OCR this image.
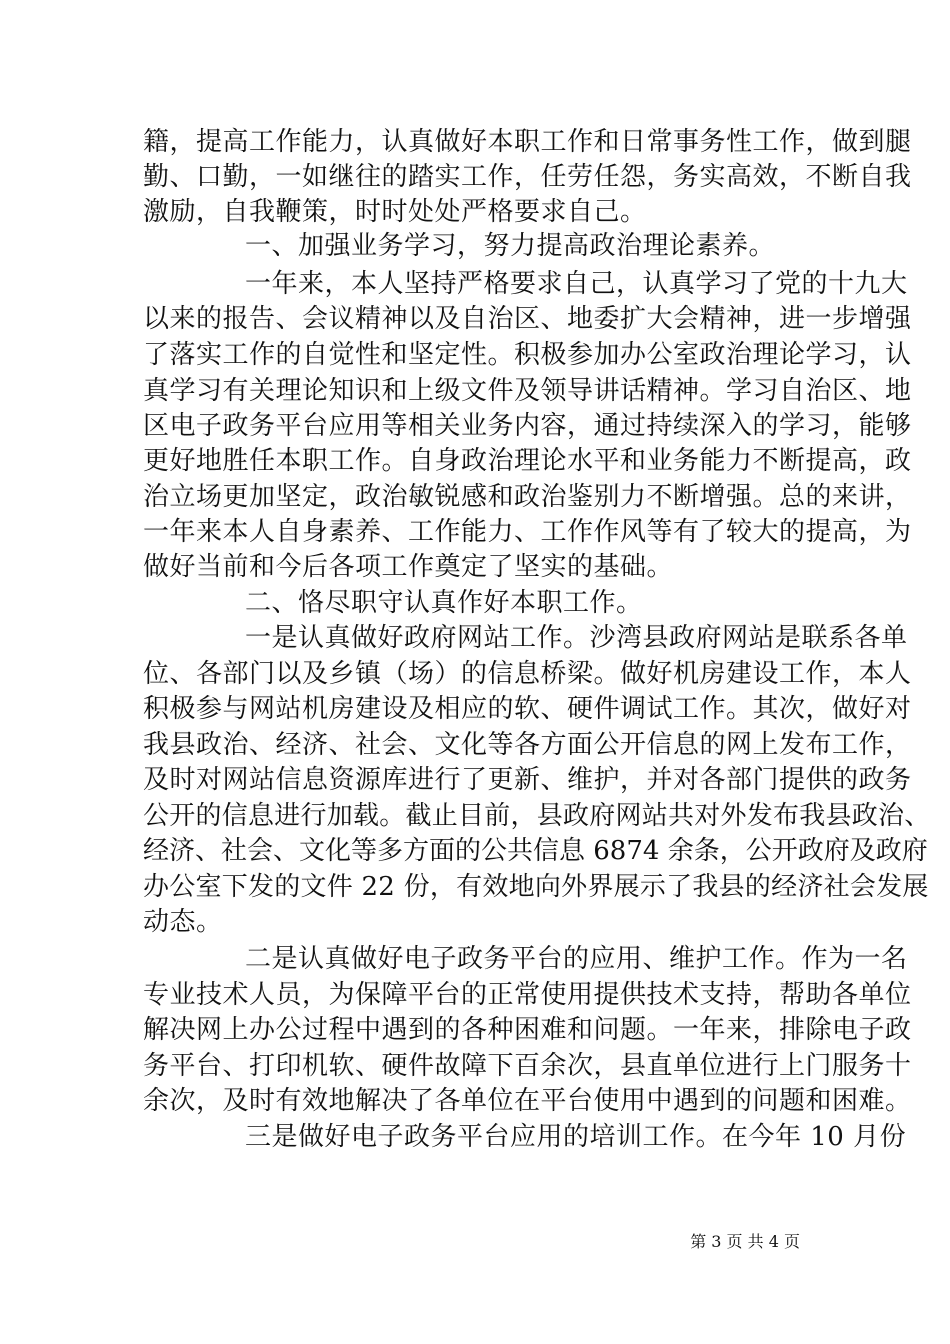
籍，提高工作能力，认真做好本职工作和日常事务性工作，做到腿
勤、口勤，一如继往的踏实工作，任劳任怨，务实高效，不断自我
激励，自我鞭策，时时处处严格要求自己。
一、加强业务学习，努力提高政治理论素养。
一年来，本人坚持严格要求自己，认真学习了党的十九大
以来的报告、会议精神以及自治区、地委扩大会精神，进一步增强
了落实工作的自觉性和坚定性。积极参加办公室政治理论学习，认
真学习有关理论知识和上级文件及领导讲话精神。学习自治区、地
区电子政务平台应用等相关业务内容，通过持续深入的学习，能够
更好地胜任本职工作。自身政治理论水平和业务能力不断提高，政
治立场更加坚定，政治敏锐感和政治鉴别力不断增强。总的来讲，
一年来本人自身素养、工作能力、工作作风等有了较大的提高，为
做好当前和今后各项工作奠定了坚实的基础。
二、恪尽职守认真作好本职工作。
一是认真做好政府网站工作。沙湾县政府网站是联系各单
位、各部门以及乡镇（场）的信息桥梁。做好机房建设工作，本人
积极参与网站机房建设及相应的软、硬件调试工作。其次，做好对
我县政治、经济、社会、文化等各方面公开信息的网上发布工作，
及时对网站信息资源库进行了更新、维护，并对各部门提供的政务
公开的信息进行加载。截止目前，县政府网站共对外发布我县政治、
经济、社会、文化等多方面的公共信息 6874 余条，公开政府及政府
办公室下发的文件 22 份，有效地向外界展示了我县的经济社会发展
动态。
二是认真做好电子政务平台的应用、维护工作。作为一名
专业技术人员，为保障平台的正常使用提供技术支持，帮助各单位
解决网上办公过程中遇到的各种困难和问题。一年来，排除电子政
务平台、打印机软、硬件故障下百余次，县直单位进行上门服务十
余次，及时有效地解决了各单位在平台使用中遇到的问题和困难。
三是做好电子政务平台应用的培训工作。在今年 10 月份
第 3 页 共 4 页
